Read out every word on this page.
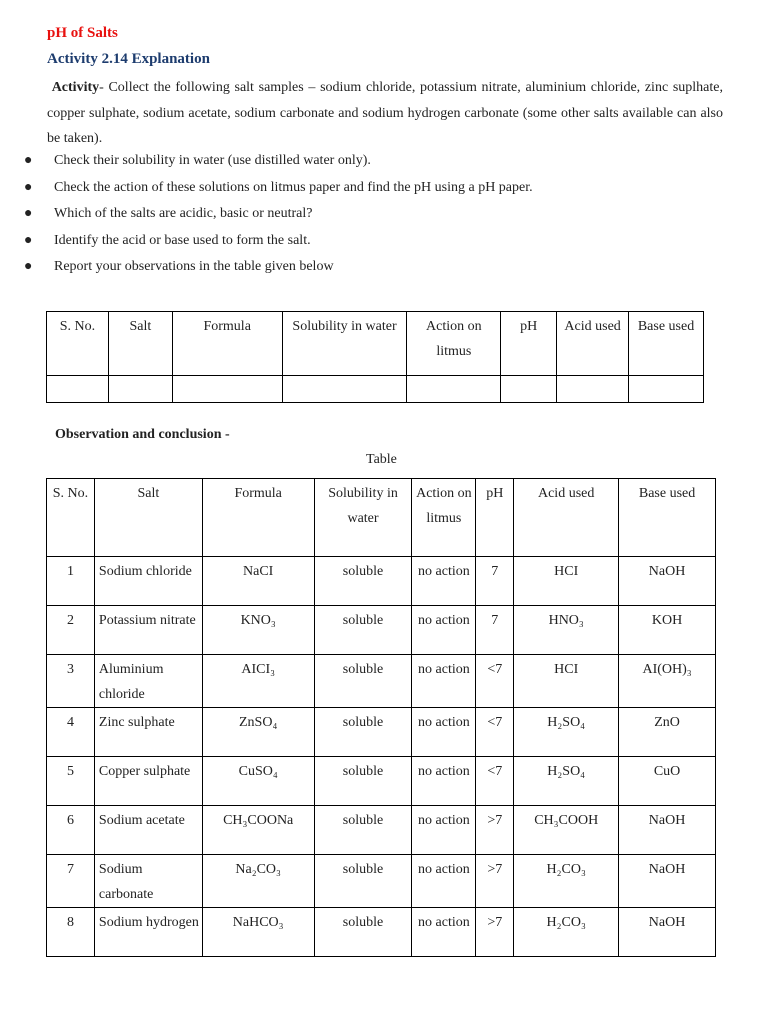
pH of Salts
Activity 2.14 Explanation
Activity- Collect the following salt samples – sodium chloride, potassium nitrate, aluminium chloride, zinc suplhate, copper sulphate, sodium acetate, sodium carbonate and sodium hydrogen carbonate (some other salts available can also be taken).
● Check their solubility in water (use distilled water only).
● Check the action of these solutions on litmus paper and find the pH using a pH paper.
● Which of the salts are acidic, basic or neutral?
● Identify the acid or base used to form the salt.
● Report your observations in the table given below
S. No.	Salt	Formula	Solubility in water	Action on litmus	pH	Acid used	Base used

Observation and conclusion -
Table
S. No.	Salt	Formula	Solubility in water	Action on litmus	pH	Acid used	Base used
1	Sodium chloride	NaCI	soluble	no action	7	HCI	NaOH
2	Potassium nitrate	KNO₃	soluble	no action	7	HNO₃	KOH
3	Aluminium chloride	AICI₃	soluble	no action	<7	HCI	AI(OH)₃
4	Zinc sulphate	ZnSO₄	soluble	no action	<7	H₂SO₄	ZnO
5	Copper sulphate	CuSO₄	soluble	no action	<7	H₂SO₄	CuO
6	Sodium acetate	CH₃COONa	soluble	no action	>7	CH₃COOH	NaOH
7	Sodium carbonate	Na₂CO₃	soluble	no action	>7	H₂CO₃	NaOH
8	Sodium hydrogen	NaHCO₃	soluble	no action	>7	H₂CO₃	NaOH
